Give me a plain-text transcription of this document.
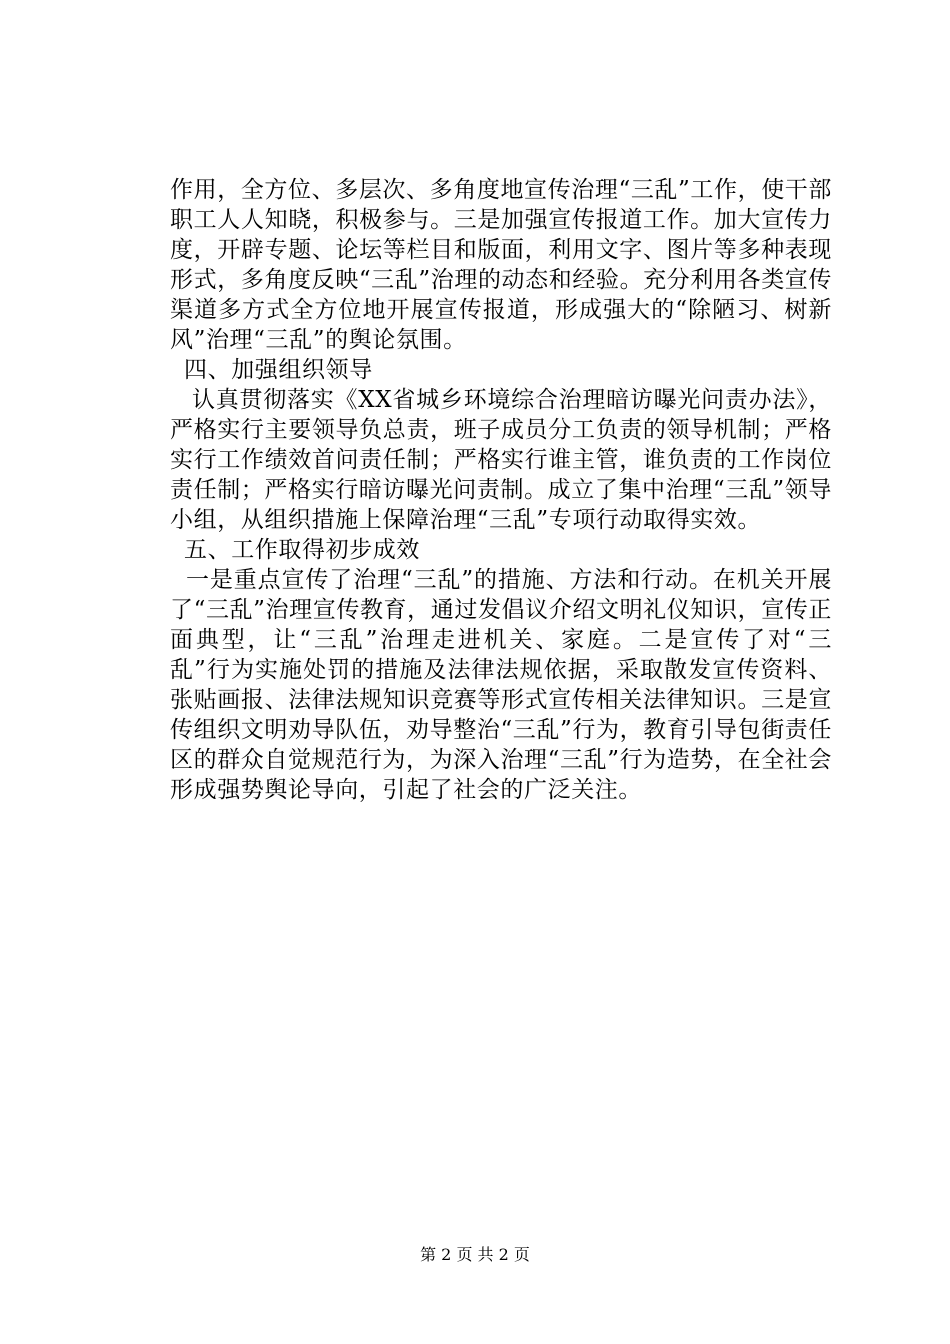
作用，全方位、多层次、多角度地宣传治理“三乱”工作，使干部职工人人知晓，积极参与。三是加强宣传报道工作。加大宣传力度，开辟专题、论坛等栏目和版面，利用文字、图片等多种表现形式，多角度反映“三乱”治理的动态和经验。充分利用各类宣传渠道多方式全方位地开展宣传报道，形成强大的“除陋习、树新风”治理“三乱”的舆论氛围。

四、加强组织领导

认真贯彻落实《XX省城乡环境综合治理暗访曝光问责办法》，严格实行主要领导负总责，班子成员分工负责的领导机制；严格实行工作绩效首问责任制；严格实行谁主管，谁负责的工作岗位责任制；严格实行暗访曝光问责制。成立了集中治理“三乱”领导小组，从组织措施上保障治理“三乱”专项行动取得实效。

五、工作取得初步成效

一是重点宣传了治理“三乱”的措施、方法和行动。在机关开展了“三乱”治理宣传教育，通过发倡议介绍文明礼仪知识，宣传正面典型，让“三乱”治理走进机关、家庭。二是宣传了对“三乱”行为实施处罚的措施及法律法规依据，采取散发宣传资料、张贴画报、法律法规知识竞赛等形式宣传相关法律知识。三是宣传组织文明劝导队伍，劝导整治“三乱”行为，教育引导包街责任区的群众自觉规范行为，为深入治理“三乱”行为造势，在全社会形成强势舆论导向，引起了社会的广泛关注。

第 2 页 共 2 页
